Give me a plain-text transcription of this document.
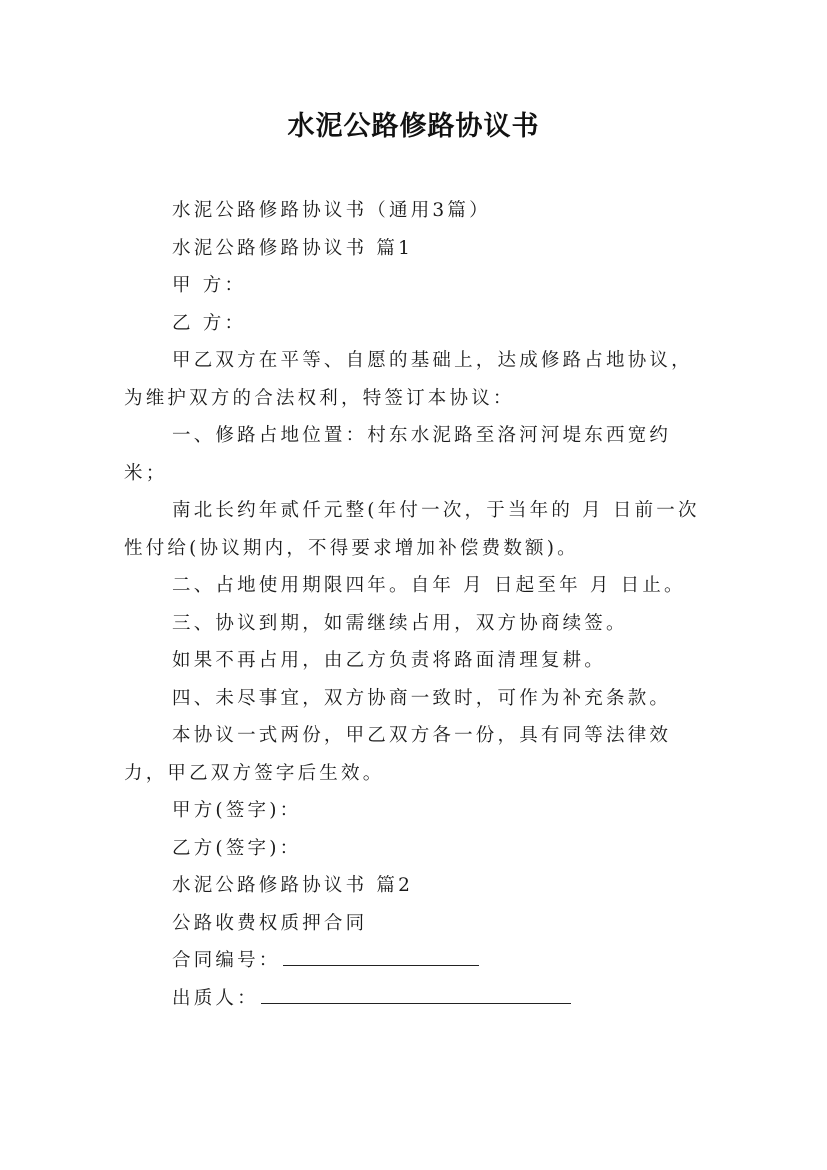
水泥公路修路协议书

水泥公路修路协议书（通用3篇）

水泥公路修路协议书 篇1

甲 方：

乙 方：

甲乙双方在平等、自愿的基础上，达成修路占地协议，为维护双方的合法权利，特签订本协议：

一、修路占地位置：村东水泥路至洛河河堤东西宽约 米；

南北长约年贰仟元整(年付一次，于当年的 月 日前一次性付给(协议期内，不得要求增加补偿费数额)。

二、占地使用期限四年。自年 月 日起至年 月 日止。

三、协议到期，如需继续占用，双方协商续签。

如果不再占用，由乙方负责将路面清理复耕。

四、未尽事宜，双方协商一致时，可作为补充条款。

本协议一式两份，甲乙双方各一份，具有同等法律效力，甲乙双方签字后生效。

甲方(签字)：

乙方(签字)：

水泥公路修路协议书 篇2

公路收费权质押合同

合同编号：

出质人：
